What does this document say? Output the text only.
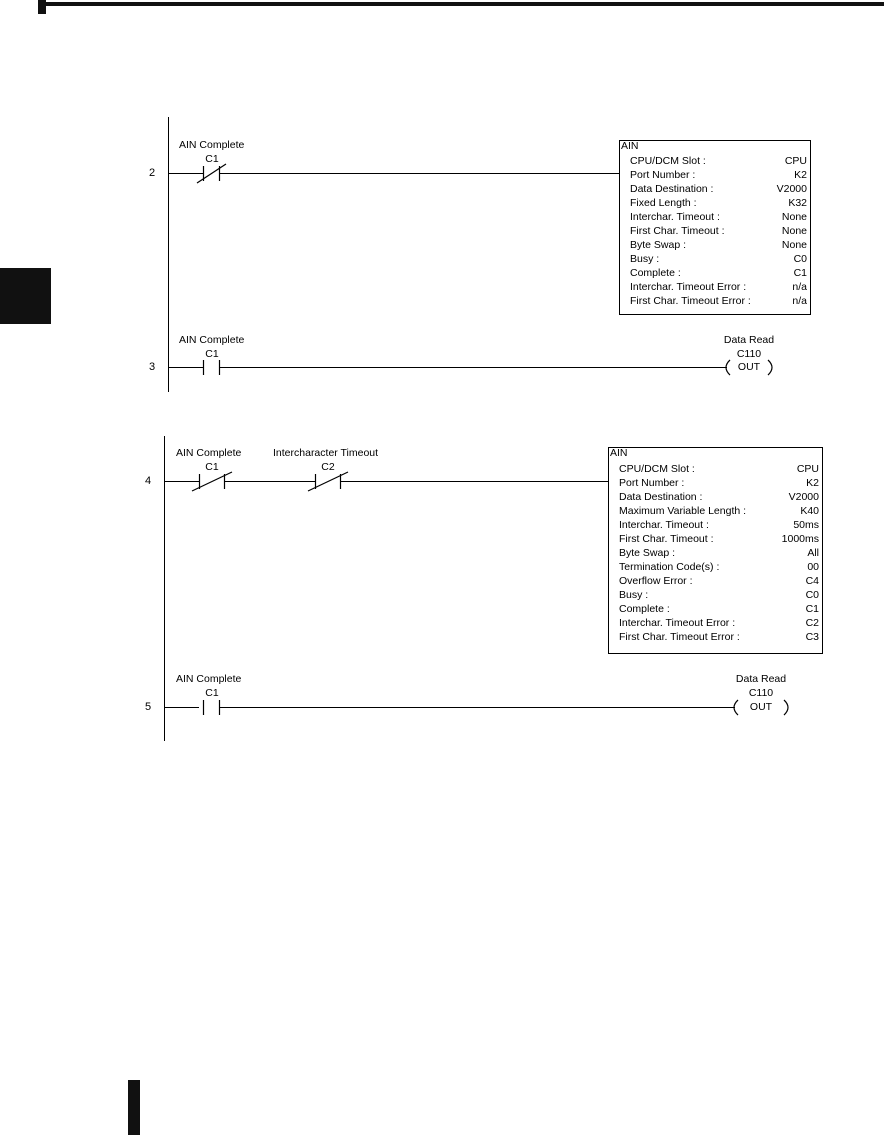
2
AIN Complete
C1
AIN
CPU/DCM Slot :	CPU
Port Number :	K2
Data Destination :	V2000
Fixed Length :	K32
Interchar. Timeout :	None
First Char. Timeout :	None
Byte Swap :	None
Busy :	C0
Complete :	C1
Interchar. Timeout Error :	n/a
First Char. Timeout Error :	n/a
3
AIN Complete
C1
Data Read
C110
OUT
4
AIN Complete
C1
Intercharacter Timeout
C2
AIN
CPU/DCM Slot :	CPU
Port Number :	K2
Data Destination :	V2000
Maximum Variable Length :	K40
Interchar. Timeout :	50ms
First Char. Timeout :	1000ms
Byte Swap :	All
Termination Code(s) :	00
Overflow Error :	C4
Busy :	C0
Complete :	C1
Interchar. Timeout Error :	C2
First Char. Timeout Error :	C3
5
AIN Complete
C1
Data Read
C110
OUT
